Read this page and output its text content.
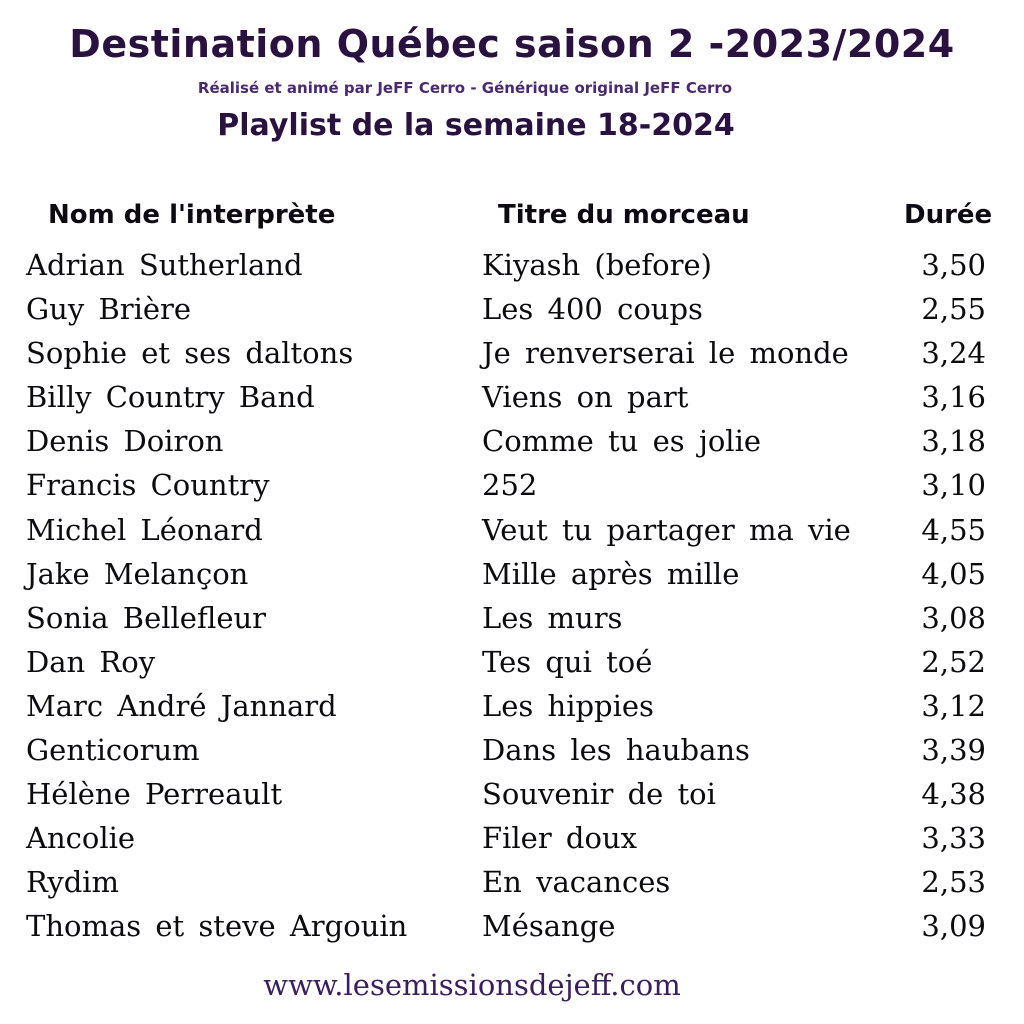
Destination Québec saison 2 -2023/2024
Réalisé et animé par JeFF Cerro - Générique original JeFF Cerro
Playlist de la semaine 18-2024
Nom de l'interprète	Titre du morceau	Durée
Adrian Sutherland	Kiyash (before)	3,50
Guy Brière	Les 400 coups	2,55
Sophie et ses daltons	Je renverserai le monde	3,24
Billy Country Band	Viens on part	3,16
Denis Doiron	Comme tu es jolie	3,18
Francis Country	252	3,10
Michel Léonard	Veut tu partager ma vie 4,55
Jake Melançon	Mille après mille	4,05
Sonia Bellefleur	Les murs	3,08
Dan Roy	Tes qui toé	2,52
Marc André Jannard	Les hippies	3,12
Genticorum	Dans les haubans	3,39
Hélène Perreault	Souvenir de toi	4,38
Ancolie	Filer doux	3,33
Rydim	En vacances	2,53
Thomas et steve Argouin	Mésange	3,09
www.lesemissionsdejeff.com
